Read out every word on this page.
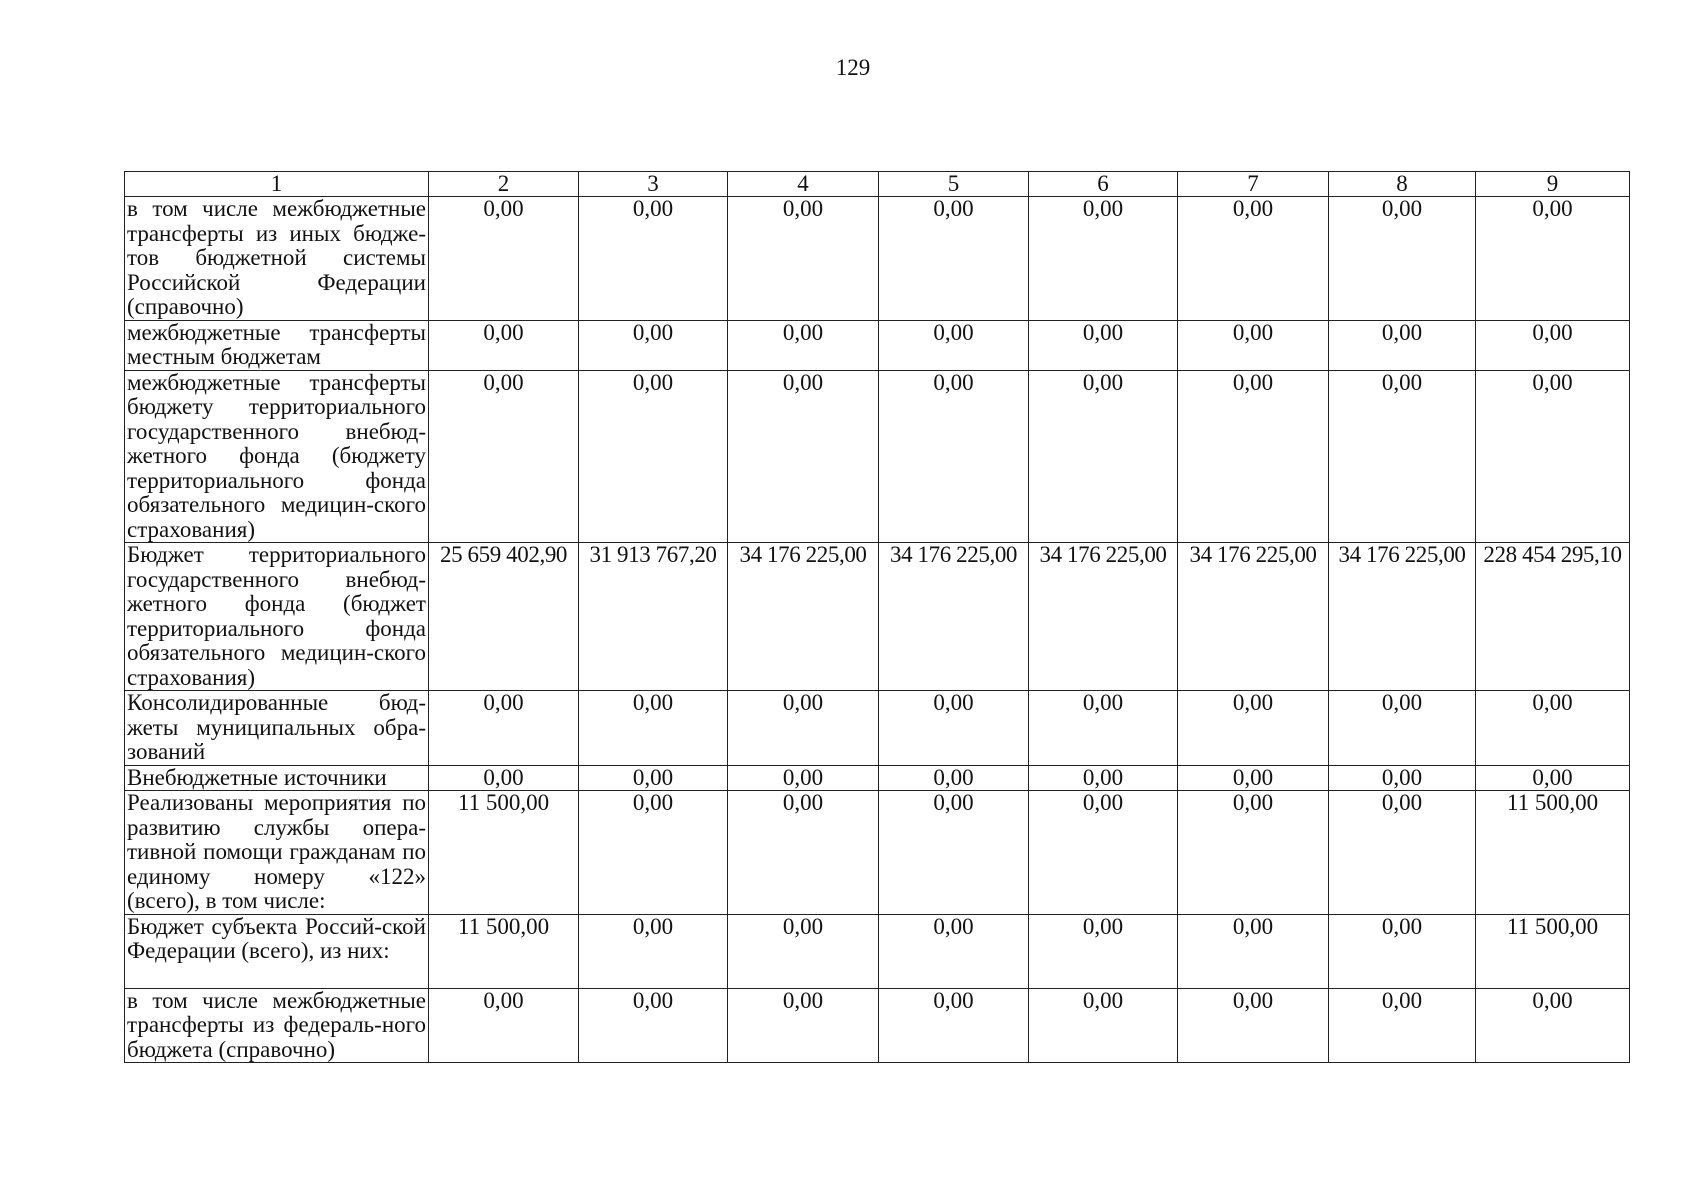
129
1	2	3	4	5	6	7	8	9
в том числе межбюджетные трансферты из иных бюдже-тов бюджетной системы Российской Федерации (справочно)	0,00	0,00	0,00	0,00	0,00	0,00	0,00	0,00
межбюджетные трансферты местным бюджетам	0,00	0,00	0,00	0,00	0,00	0,00	0,00	0,00
межбюджетные трансферты бюджету территориального государственного внебюд-жетного фонда (бюджету территориального фонда обязательного медицин-ского страхования)	0,00	0,00	0,00	0,00	0,00	0,00	0,00	0,00
Бюджет территориального государственного внебюд-жетного фонда (бюджет территориального фонда обязательного медицин-ского страхования)	25 659 402,90	31 913 767,20	34 176 225,00	34 176 225,00	34 176 225,00	34 176 225,00	34 176 225,00	228 454 295,10
Консолидированные бюд-жеты муниципальных обра-зований	0,00	0,00	0,00	0,00	0,00	0,00	0,00	0,00
Внебюджетные источники	0,00	0,00	0,00	0,00	0,00	0,00	0,00	0,00
Реализованы мероприятия по развитию службы опера-тивной помощи гражданам по единому номеру «122» (всего), в том числе:	11 500,00	0,00	0,00	0,00	0,00	0,00	0,00	11 500,00
Бюджет субъекта Россий-ской Федерации (всего), из них:	11 500,00	0,00	0,00	0,00	0,00	0,00	0,00	11 500,00
в том числе межбюджетные трансферты из федераль-ного бюджета (справочно)	0,00	0,00	0,00	0,00	0,00	0,00	0,00	0,00
